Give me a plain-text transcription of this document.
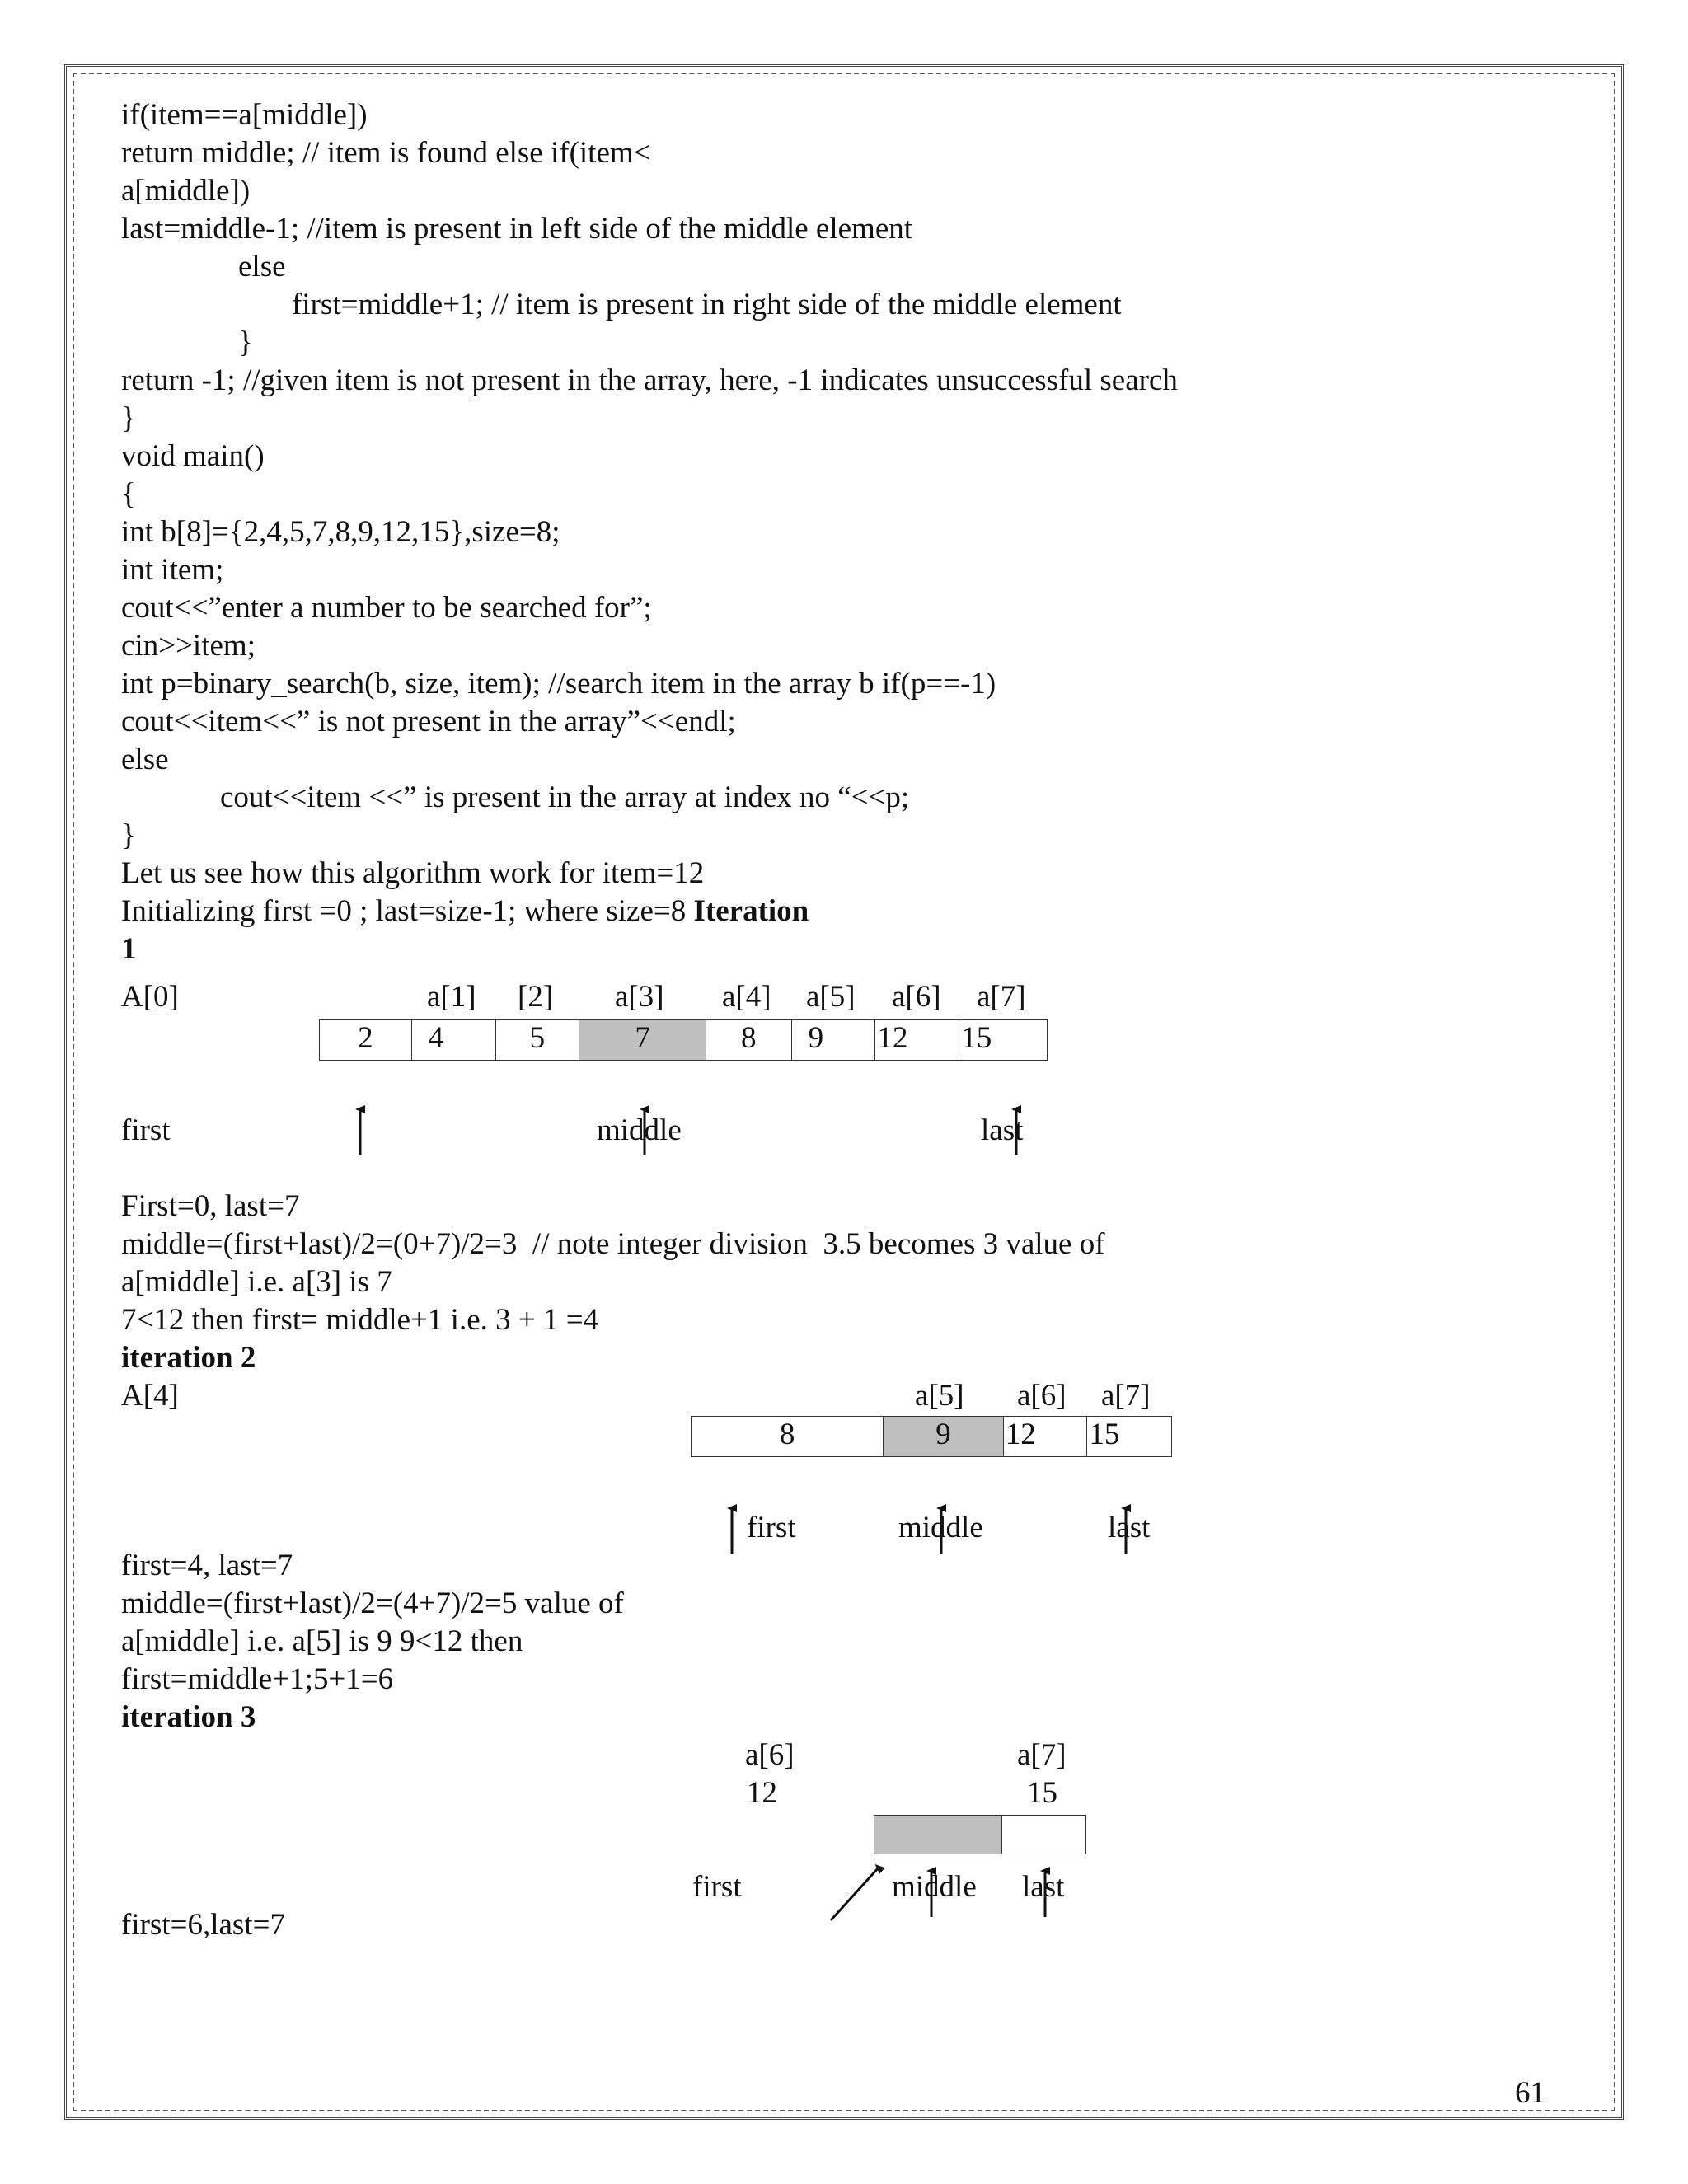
if(item==a[middle])
return middle; // item is found else if(item<
a[middle])
last=middle-1; //item is present in left side of the middle element
else
first=middle+1; // item is present in right side of the middle element
}
return -1; //given item is not present in the array, here, -1 indicates unsuccessful search
}
void main()
{
int b[8]={2,4,5,7,8,9,12,15},size=8;
int item;
cout<<”enter a number to be searched for”;
cin>>item;
int p=binary_search(b, size, item); //search item in the array b if(p==-1)
cout<<item<<” is not present in the array”<<endl;
else
cout<<item <<” is present in the array at index no “<<p;
}
Let us see how this algorithm work for item=12
Initializing first =0 ; last=size-1; where size=8 Iteration
1
A[0]	a[1] [2] a[3] a[4] a[5] a[6] a[7]
2	4	5	7	8	9	12	15
first	middle	last
First=0, last=7
middle=(first+last)/2=(0+7)/2=3  // note integer division  3.5 becomes 3 value of
a[middle] i.e. a[3] is 7
7<12 then first= middle+1 i.e. 3 + 1 =4
iteration 2
A[4]	a[5] a[6] a[7]
8	9	12	15
first	middle	last
first=4, last=7
middle=(first+last)/2=(4+7)/2=5 value of
a[middle] i.e. a[5] is 9 9<12 then
first=middle+1;5+1=6
iteration 3
a[6]	a[7]
12	15
first	middle last
first=6,last=7
61
